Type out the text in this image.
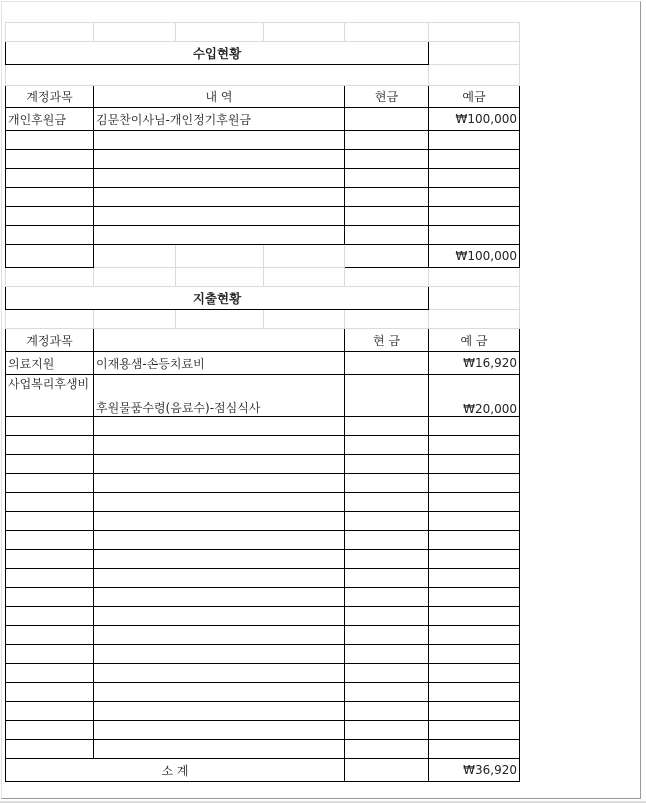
수입현황					

계정과목	내 역			현금	예금
개인후원금	김문찬이사님-개인정기후원금				₩100,000

					₩100,000

지출현황					

계정과목				현 금	예 금
의료지원	이재용샘-손등치료비				₩16,920
사업복리후생비	후원물품수령(음료수)-점심식사				₩20,000

소 계					₩36,920
